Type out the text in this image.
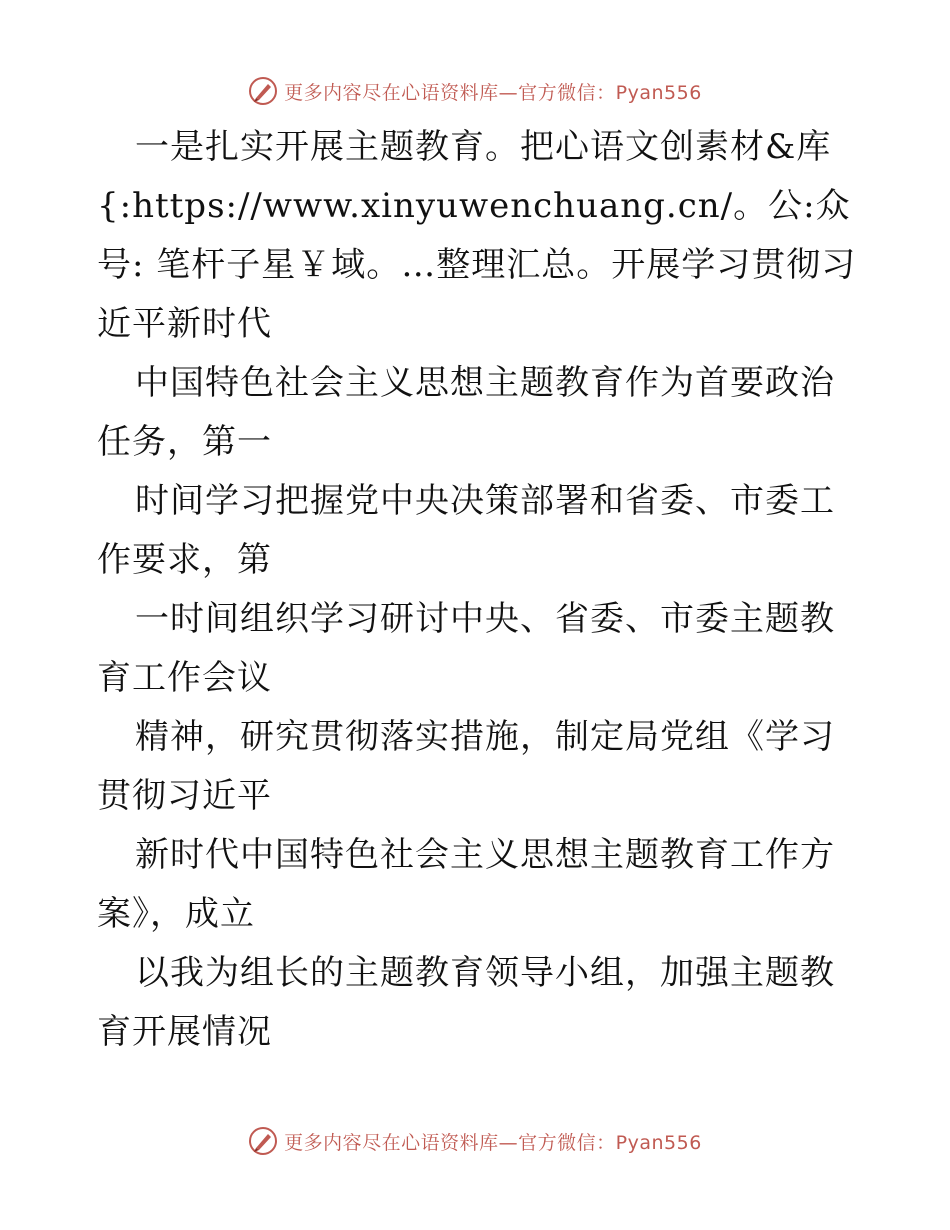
更多内容尽在心语资料库—官方微信：Pyan556

一是扎实开展主题教育。把心语文创素材&库{:https://www.xinyuwenchuang.cn/。公:众号: 笔杆子星￥域。…整理汇总。开展学习贯彻习近平新时代

中国特色社会主义思想主题教育作为首要政治任务，第一

时间学习把握党中央决策部署和省委、市委工作要求，第

一时间组织学习研讨中央、省委、市委主题教育工作会议

精神，研究贯彻落实措施，制定局党组《学习贯彻习近平

新时代中国特色社会主义思想主题教育工作方案》，成立

以我为组长的主题教育领导小组，加强主题教育开展情况

更多内容尽在心语资料库—官方微信：Pyan556
